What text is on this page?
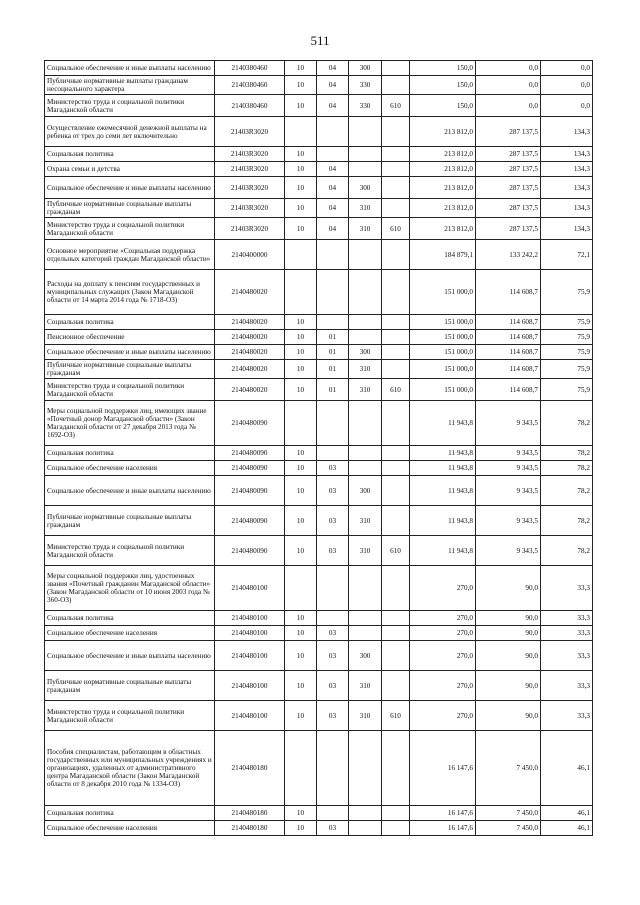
511
Социальное обеспечение и иные выплаты населению	2140380460	10	04	300		150,0	0,0	0,0
Публичные нормативные выплаты гражданам несоциального характера	2140380460	10	04	330		150,0	0,0	0,0
Министерство труда и социальной политики Магаданской области	2140380460	10	04	330	610	150,0	0,0	0,0
Осуществление ежемесячной денежной выплаты на ребенка от трех до семи лет включительно	21403R3020					213 812,0	287 137,5	134,3
Социальная политика	21403R3020	10				213 812,0	287 137,5	134,3
Охрана семьи и детства	21403R3020	10	04			213 812,0	287 137,5	134,3
Социальное обеспечение и иные выплаты населению	21403R3020	10	04	300		213 812,0	287 137,5	134,3
Публичные нормативные социальные выплаты гражданам	21403R3020	10	04	310		213 812,0	287 137,5	134,3
Министерство труда и социальной политики Магаданской области	21403R3020	10	04	310	610	213 812,0	287 137,5	134,3
Основное мероприятие «Социальная поддержка отдельных категорий граждан Магаданской области»	2140400000					184 879,1	133 242,2	72,1
Расходы на доплату к пенсиям государственных и муниципальных служащих (Закон Магаданской области от 14 марта 2014 года № 1718-ОЗ)	2140480020					151 000,0	114 608,7	75,9
Социальная политика	2140480020	10				151 000,0	114 608,7	75,9
Пенсионное обеспечение	2140480020	10	01			151 000,0	114 608,7	75,9
Социальное обеспечение и иные выплаты населению	2140480020	10	01	300		151 000,0	114 608,7	75,9
Публичные нормативные социальные выплаты гражданам	2140480020	10	01	310		151 000,0	114 608,7	75,9
Министерство труда и социальной политики Магаданской области	2140480020	10	01	310	610	151 000,0	114 608,7	75,9
Меры социальной поддержки лиц, имеющих звание «Почетный донор Магаданской области» (Закон Магаданской области от 27 декабря 2013 года № 1692-ОЗ)	2140480090					11 943,8	9 343,5	78,2
Социальная политика	2140480090	10				11 943,8	9 343,5	78,2
Социальное обеспечение населения	2140480090	10	03			11 943,8	9 343,5	78,2
Социальное обеспечение и иные выплаты населению	2140480090	10	03	300		11 943,8	9 343,5	78,2
Публичные нормативные социальные выплаты гражданам	2140480090	10	03	310		11 943,8	9 343,5	78,2
Министерство труда и социальной политики Магаданской области	2140480090	10	03	310	610	11 943,8	9 343,5	78,2
Меры социальной поддержки лиц, удостоенных звания «Почетный гражданин Магаданской области» (Закон Магаданской области от 10 июня 2003 года № 360-ОЗ)	2140480100					270,0	90,0	33,3
Социальная политика	2140480100	10				270,0	90,0	33,3
Социальное обеспечение населения	2140480100	10	03			270,0	90,0	33,3
Социальное обеспечение и иные выплаты населению	2140480100	10	03	300		270,0	90,0	33,3
Публичные нормативные социальные выплаты гражданам	2140480100	10	03	310		270,0	90,0	33,3
Министерство труда и социальной политики Магаданской области	2140480100	10	03	310	610	270,0	90,0	33,3
Пособия специалистам, работающим в областных государственных или муниципальных учреждениях и организациях, удаленных от административного центра Магаданской области (Закон Магаданской области от 8 декабря 2010 года № 1334-ОЗ)	2140480180					16 147,6	7 450,0	46,1
Социальная политика	2140480180	10				16 147,6	7 450,0	46,1
Социальное обеспечение населения	2140480180	10	03			16 147,6	7 450,0	46,1
